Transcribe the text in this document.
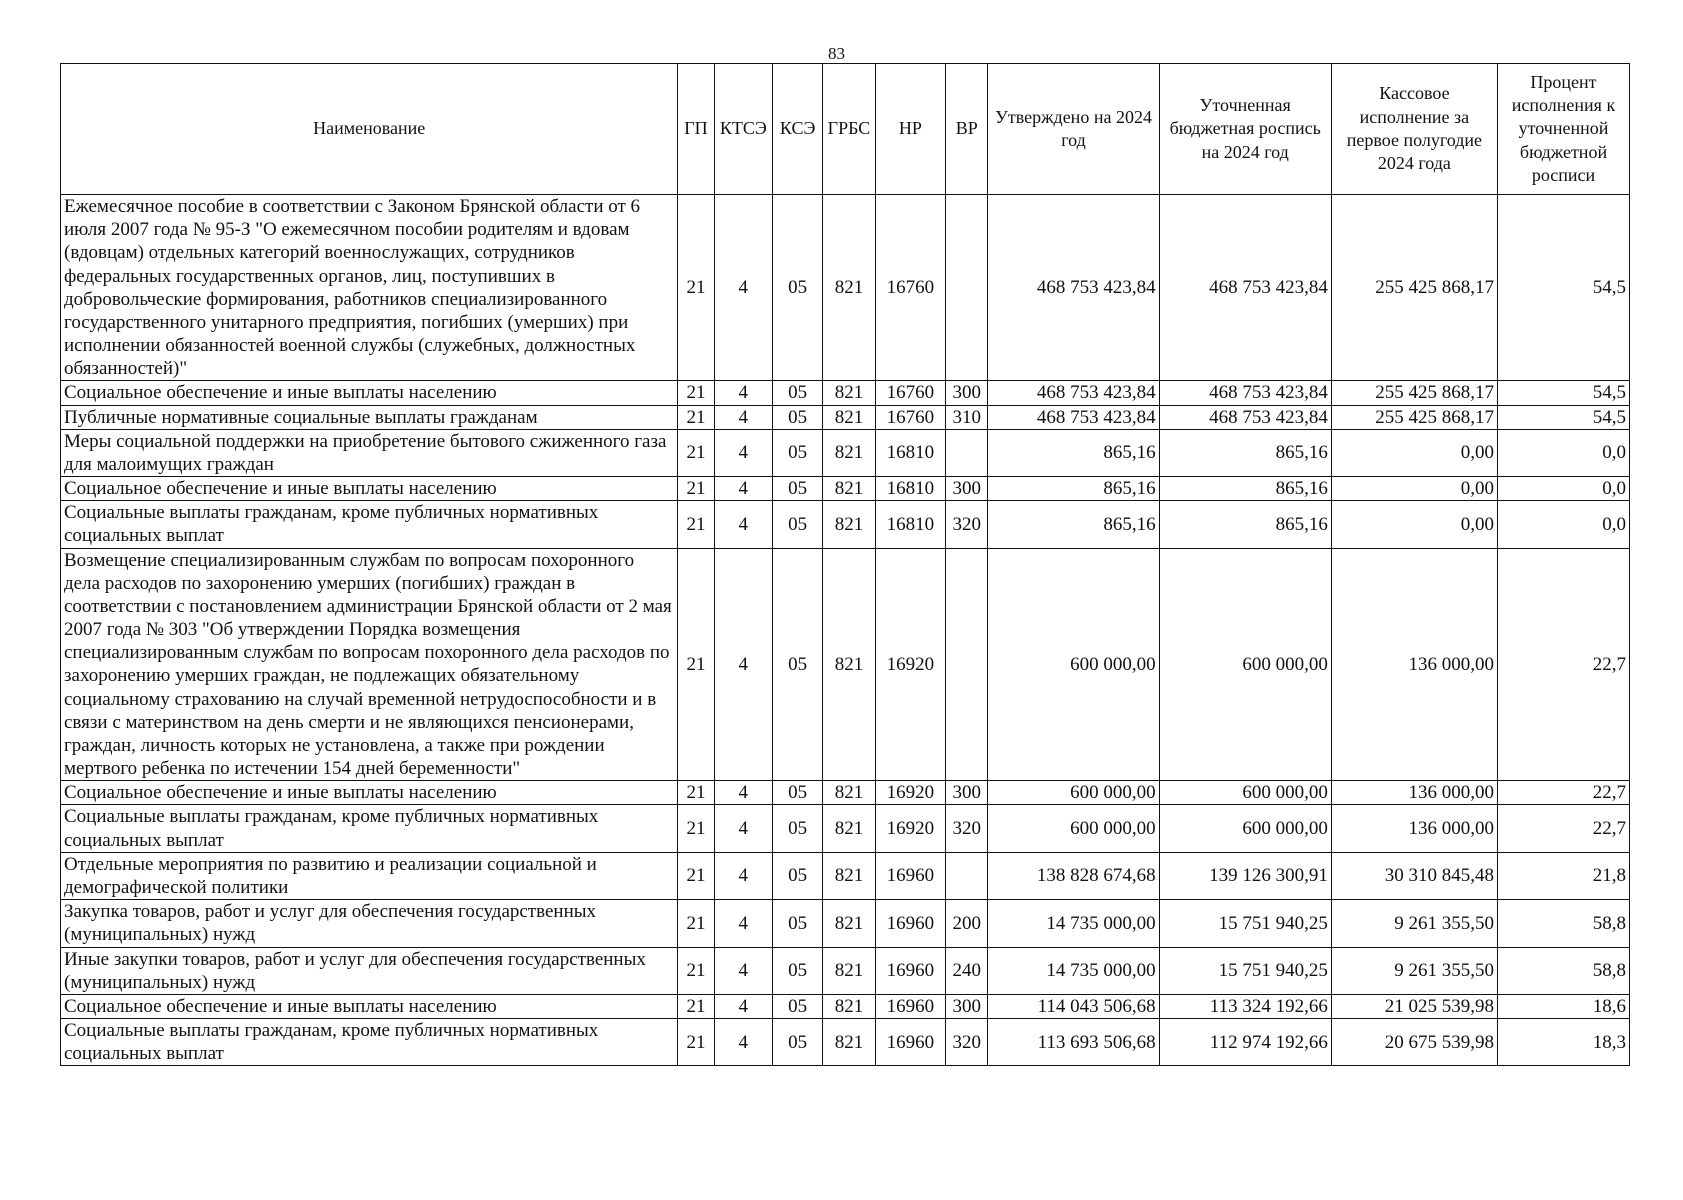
83
Наименование	ГП	КТСЭ	КСЭ	ГРБС	НР	ВР	Утверждено на 2024 год	Уточненная бюджетная роспись на 2024 год	Кассовое исполнение за первое полугодие 2024 года	Процент исполнения к уточненной бюджетной росписи
Ежемесячное пособие в соответствии с Законом Брянской области от 6 июля 2007 года № 95-З "О ежемесячном пособии родителям и вдовам (вдовцам) отдельных категорий военнослужащих, сотрудников федеральных государственных органов, лиц, поступивших в добровольческие формирования, работников специализированного государственного унитарного предприятия, погибших (умерших) при исполнении обязанностей военной службы (служебных, должностных обязанностей)"	21	4	05	821	16760		468 753 423,84	468 753 423,84	255 425 868,17	54,5
Социальное обеспечение и иные выплаты населению	21	4	05	821	16760	300	468 753 423,84	468 753 423,84	255 425 868,17	54,5
Публичные нормативные социальные выплаты гражданам	21	4	05	821	16760	310	468 753 423,84	468 753 423,84	255 425 868,17	54,5
Меры социальной поддержки на приобретение бытового сжиженного газа для малоимущих граждан	21	4	05	821	16810		865,16	865,16	0,00	0,0
Социальное обеспечение и иные выплаты населению	21	4	05	821	16810	300	865,16	865,16	0,00	0,0
Социальные выплаты гражданам, кроме публичных нормативных социальных выплат	21	4	05	821	16810	320	865,16	865,16	0,00	0,0
Возмещение специализированным службам по вопросам похоронного дела расходов по захоронению умерших (погибших) граждан в соответствии с постановлением администрации Брянской области от 2 мая 2007 года № 303 "Об утверждении Порядка возмещения специализированным службам по вопросам похоронного дела расходов по захоронению умерших граждан, не подлежащих обязательному социальному страхованию на случай временной нетрудоспособности и в связи с материнством на день смерти и не являющихся пенсионерами, граждан, личность которых не установлена, а также при рождении мертвого ребенка по истечении 154 дней беременности"	21	4	05	821	16920		600 000,00	600 000,00	136 000,00	22,7
Социальное обеспечение и иные выплаты населению	21	4	05	821	16920	300	600 000,00	600 000,00	136 000,00	22,7
Социальные выплаты гражданам, кроме публичных нормативных социальных выплат	21	4	05	821	16920	320	600 000,00	600 000,00	136 000,00	22,7
Отдельные мероприятия по развитию и реализации социальной и демографической политики	21	4	05	821	16960		138 828 674,68	139 126 300,91	30 310 845,48	21,8
Закупка товаров, работ и услуг для обеспечения государственных (муниципальных) нужд	21	4	05	821	16960	200	14 735 000,00	15 751 940,25	9 261 355,50	58,8
Иные закупки товаров, работ и услуг для обеспечения государственных (муниципальных) нужд	21	4	05	821	16960	240	14 735 000,00	15 751 940,25	9 261 355,50	58,8
Социальное обеспечение и иные выплаты населению	21	4	05	821	16960	300	114 043 506,68	113 324 192,66	21 025 539,98	18,6
Социальные выплаты гражданам, кроме публичных нормативных социальных выплат	21	4	05	821	16960	320	113 693 506,68	112 974 192,66	20 675 539,98	18,3
